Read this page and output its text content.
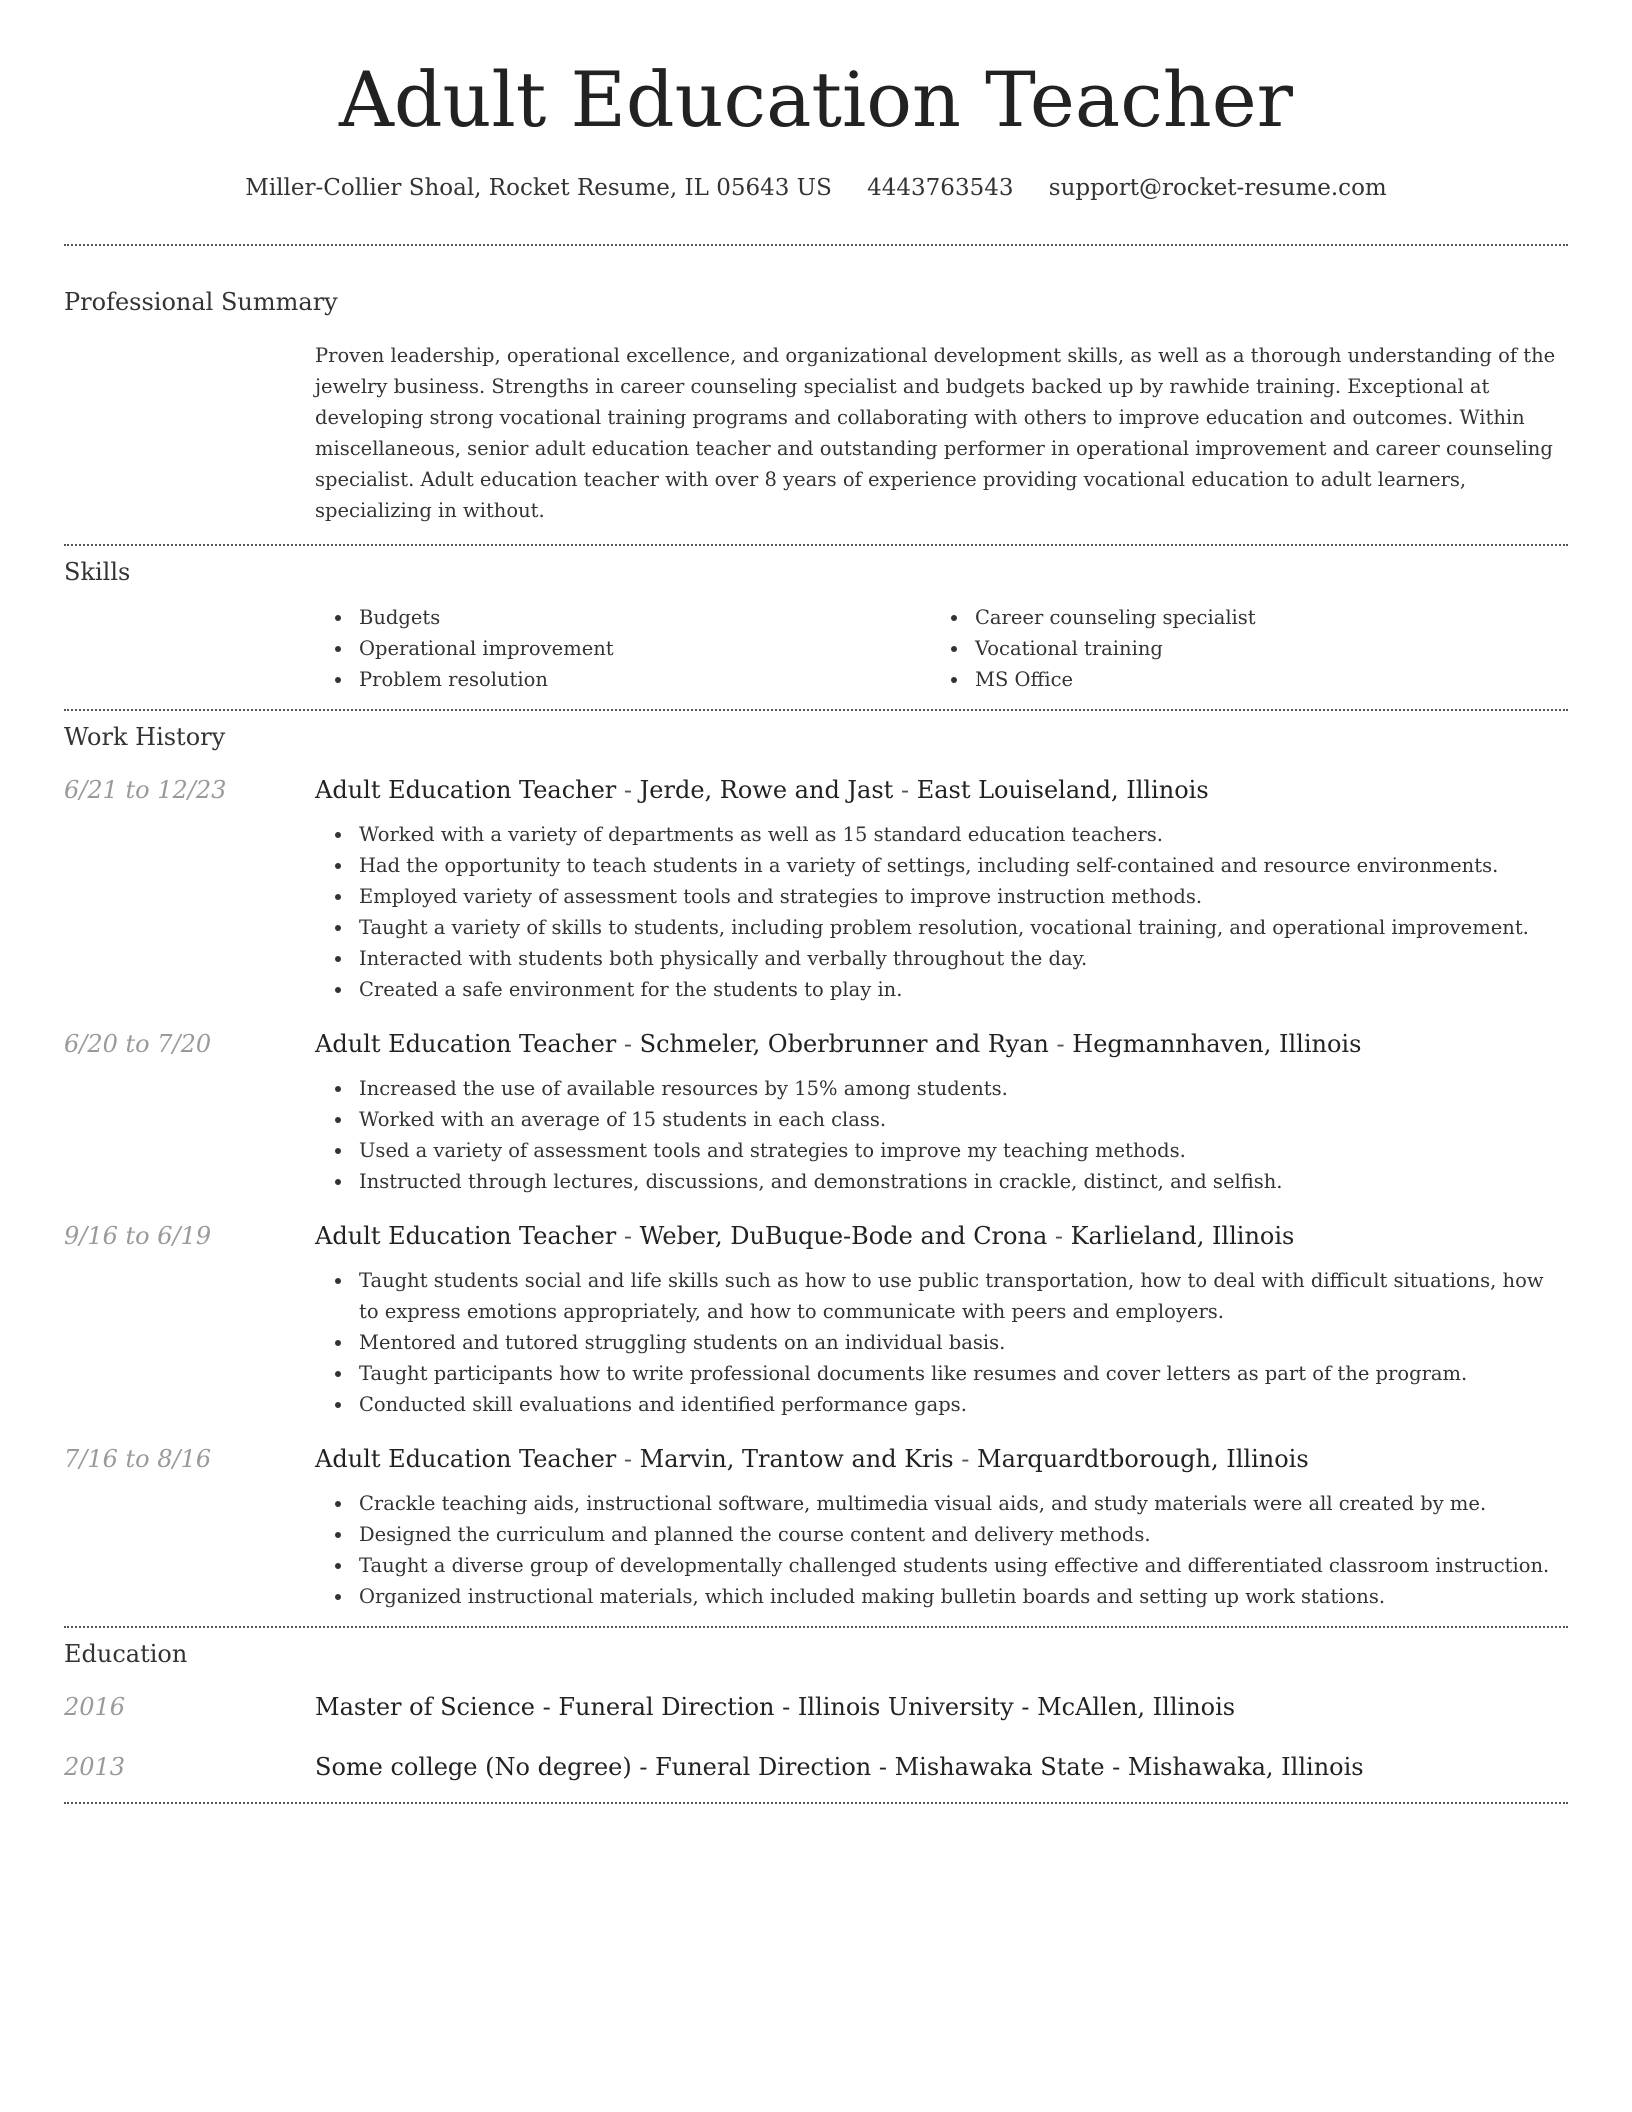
Adult Education Teacher
Miller-Collier Shoal, Rocket Resume, IL 05643 US 4443763543 support@rocket-resume.com
Professional Summary
Proven leadership, operational excellence, and organizational development skills, as well as a thorough understanding of the jewelry business. Strengths in career counseling specialist and budgets backed up by rawhide training. Exceptional at developing strong vocational training programs and collaborating with others to improve education and outcomes. Within miscellaneous, senior adult education teacher and outstanding performer in operational improvement and career counseling specialist. Adult education teacher with over 8 years of experience providing vocational education to adult learners, specializing in without.
Skills
Budgets
Operational improvement
Problem resolution
Career counseling specialist
Vocational training
MS Office
Work History
6/21 to 12/23	Adult Education Teacher - Jerde, Rowe and Jast - East Louiseland, Illinois
Worked with a variety of departments as well as 15 standard education teachers.
Had the opportunity to teach students in a variety of settings, including self-contained and resource environments.
Employed variety of assessment tools and strategies to improve instruction methods.
Taught a variety of skills to students, including problem resolution, vocational training, and operational improvement.
Interacted with students both physically and verbally throughout the day.
Created a safe environment for the students to play in.
6/20 to 7/20	Adult Education Teacher - Schmeler, Oberbrunner and Ryan - Hegmannhaven, Illinois
Increased the use of available resources by 15% among students.
Worked with an average of 15 students in each class.
Used a variety of assessment tools and strategies to improve my teaching methods.
Instructed through lectures, discussions, and demonstrations in crackle, distinct, and selfish.
9/16 to 6/19	Adult Education Teacher - Weber, DuBuque-Bode and Crona - Karlieland, Illinois
Taught students social and life skills such as how to use public transportation, how to deal with difficult situations, how to express emotions appropriately, and how to communicate with peers and employers.
Mentored and tutored struggling students on an individual basis.
Taught participants how to write professional documents like resumes and cover letters as part of the program.
Conducted skill evaluations and identified performance gaps.
7/16 to 8/16	Adult Education Teacher - Marvin, Trantow and Kris - Marquardtborough, Illinois
Crackle teaching aids, instructional software, multimedia visual aids, and study materials were all created by me.
Designed the curriculum and planned the course content and delivery methods.
Taught a diverse group of developmentally challenged students using effective and differentiated classroom instruction.
Organized instructional materials, which included making bulletin boards and setting up work stations.
Education
2016	Master of Science - Funeral Direction - Illinois University - McAllen, Illinois
2013	Some college (No degree) - Funeral Direction - Mishawaka State - Mishawaka, Illinois
